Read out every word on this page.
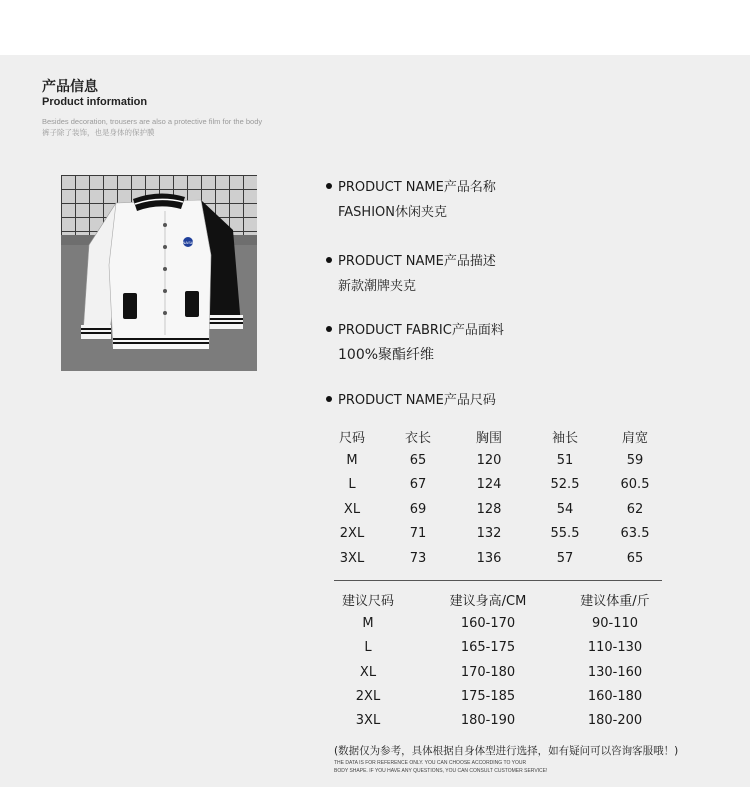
产品信息
Product information
Besides decoration, trousers are also a protective film for the body
裤子除了装饰，也是身体的保护膜
NASA
PRODUCT NAME产品名称
FASHION休闲夹克
PRODUCT NAME产品描述
新款潮牌夹克
PRODUCT FABRIC产品面料
100%聚酯纤维
PRODUCT NAME产品尺码
尺码	衣长	胸围	袖长	肩宽
M	65	120	51	59
L	67	124	52.5	60.5
XL	69	128	54	62
2XL	71	132	55.5	63.5
3XL	73	136	57	65
建议尺码	建议身高/CM	建议体重/斤
M	160-170	90-110
L	165-175	110-130
XL	170-180	130-160
2XL	175-185	160-180
3XL	180-190	180-200
(数据仅为参考，具体根据自身体型进行选择，如有疑问可以咨询客服哦！)
THE DATA IS FOR REFERENCE ONLY. YOU CAN CHOOSE ACCORDING TO YOUR
BODY SHAPE. IF YOU HAVE ANY QUESTIONS, YOU CAN CONSULT CUSTOMER SERVICE!
